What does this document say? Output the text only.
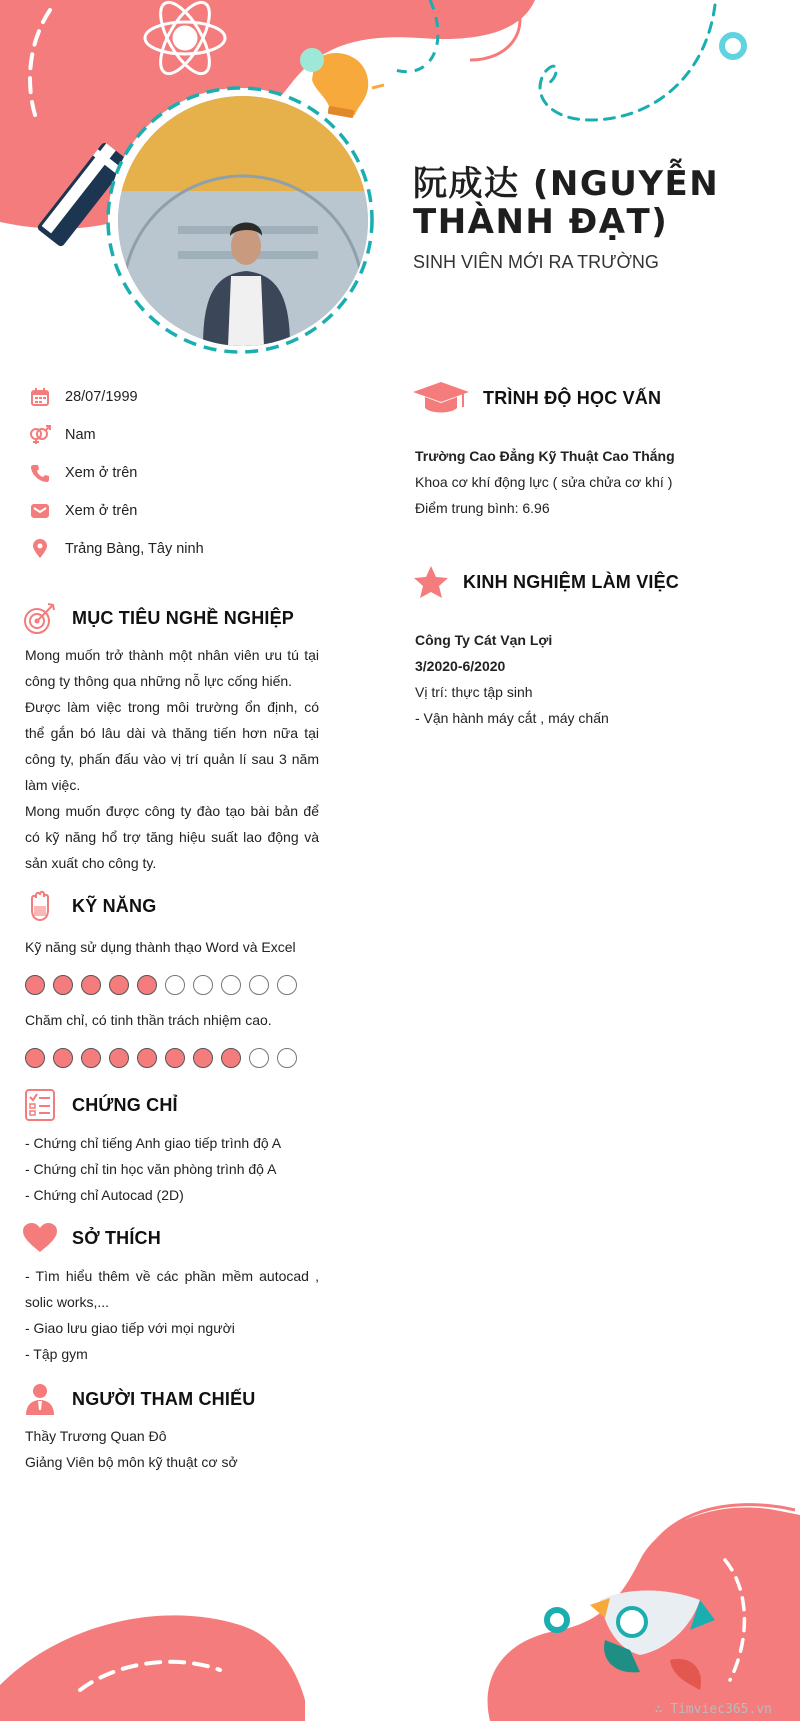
阮成达 (NGUYỄN THÀNH ĐẠT)
SINH VIÊN MỚI RA TRƯỜNG
28/07/1999
Nam
Xem ở trên
Xem ở trên
Trảng Bàng, Tây ninh
MỤC TIÊU NGHỀ NGHIỆP

Mong muốn trở thành một nhân viên ưu tú tại công ty thông qua những nỗ lực cống hiến.

Được làm việc trong môi trường ổn định, có thể gắn bó lâu dài và thăng tiến hơn nữa tại công ty, phấn đấu vào vị trí quản lí sau 3 năm làm việc.

Mong muốn được công ty đào tạo bài bản để có kỹ năng hổ trợ tăng hiệu suất lao động và sản xuất cho công ty.

KỸ NĂNG
Kỹ năng sử dụng thành thạo Word và Excel
Chăm chỉ, có tinh thần trách nhiệm cao.
CHỨNG CHỈ

- Chứng chỉ tiếng Anh giao tiếp trình độ A

- Chứng chỉ tin học văn phòng trình độ A

- Chứng chỉ Autocad (2D)

SỞ THÍCH

- Tìm hiểu thêm về các phần mềm autocad , solic works,...

- Giao lưu giao tiếp với mọi người

- Tập gym

NGƯỜI THAM CHIẾU

Thầy Trương Quan Đô

Giảng Viên bộ môn kỹ thuật cơ sở

TRÌNH ĐỘ HỌC VẤN

Trường Cao Đẳng Kỹ Thuật Cao Thắng

Khoa cơ khí động lực ( sửa chửa cơ khí )

Điểm trung bình: 6.96

KINH NGHIỆM LÀM VIỆC

Công Ty Cát Vạn Lợi

3/2020-6/2020

Vị trí: thực tập sinh

- Vận hành máy cắt , máy chấn

∴ Timviec365.vn
